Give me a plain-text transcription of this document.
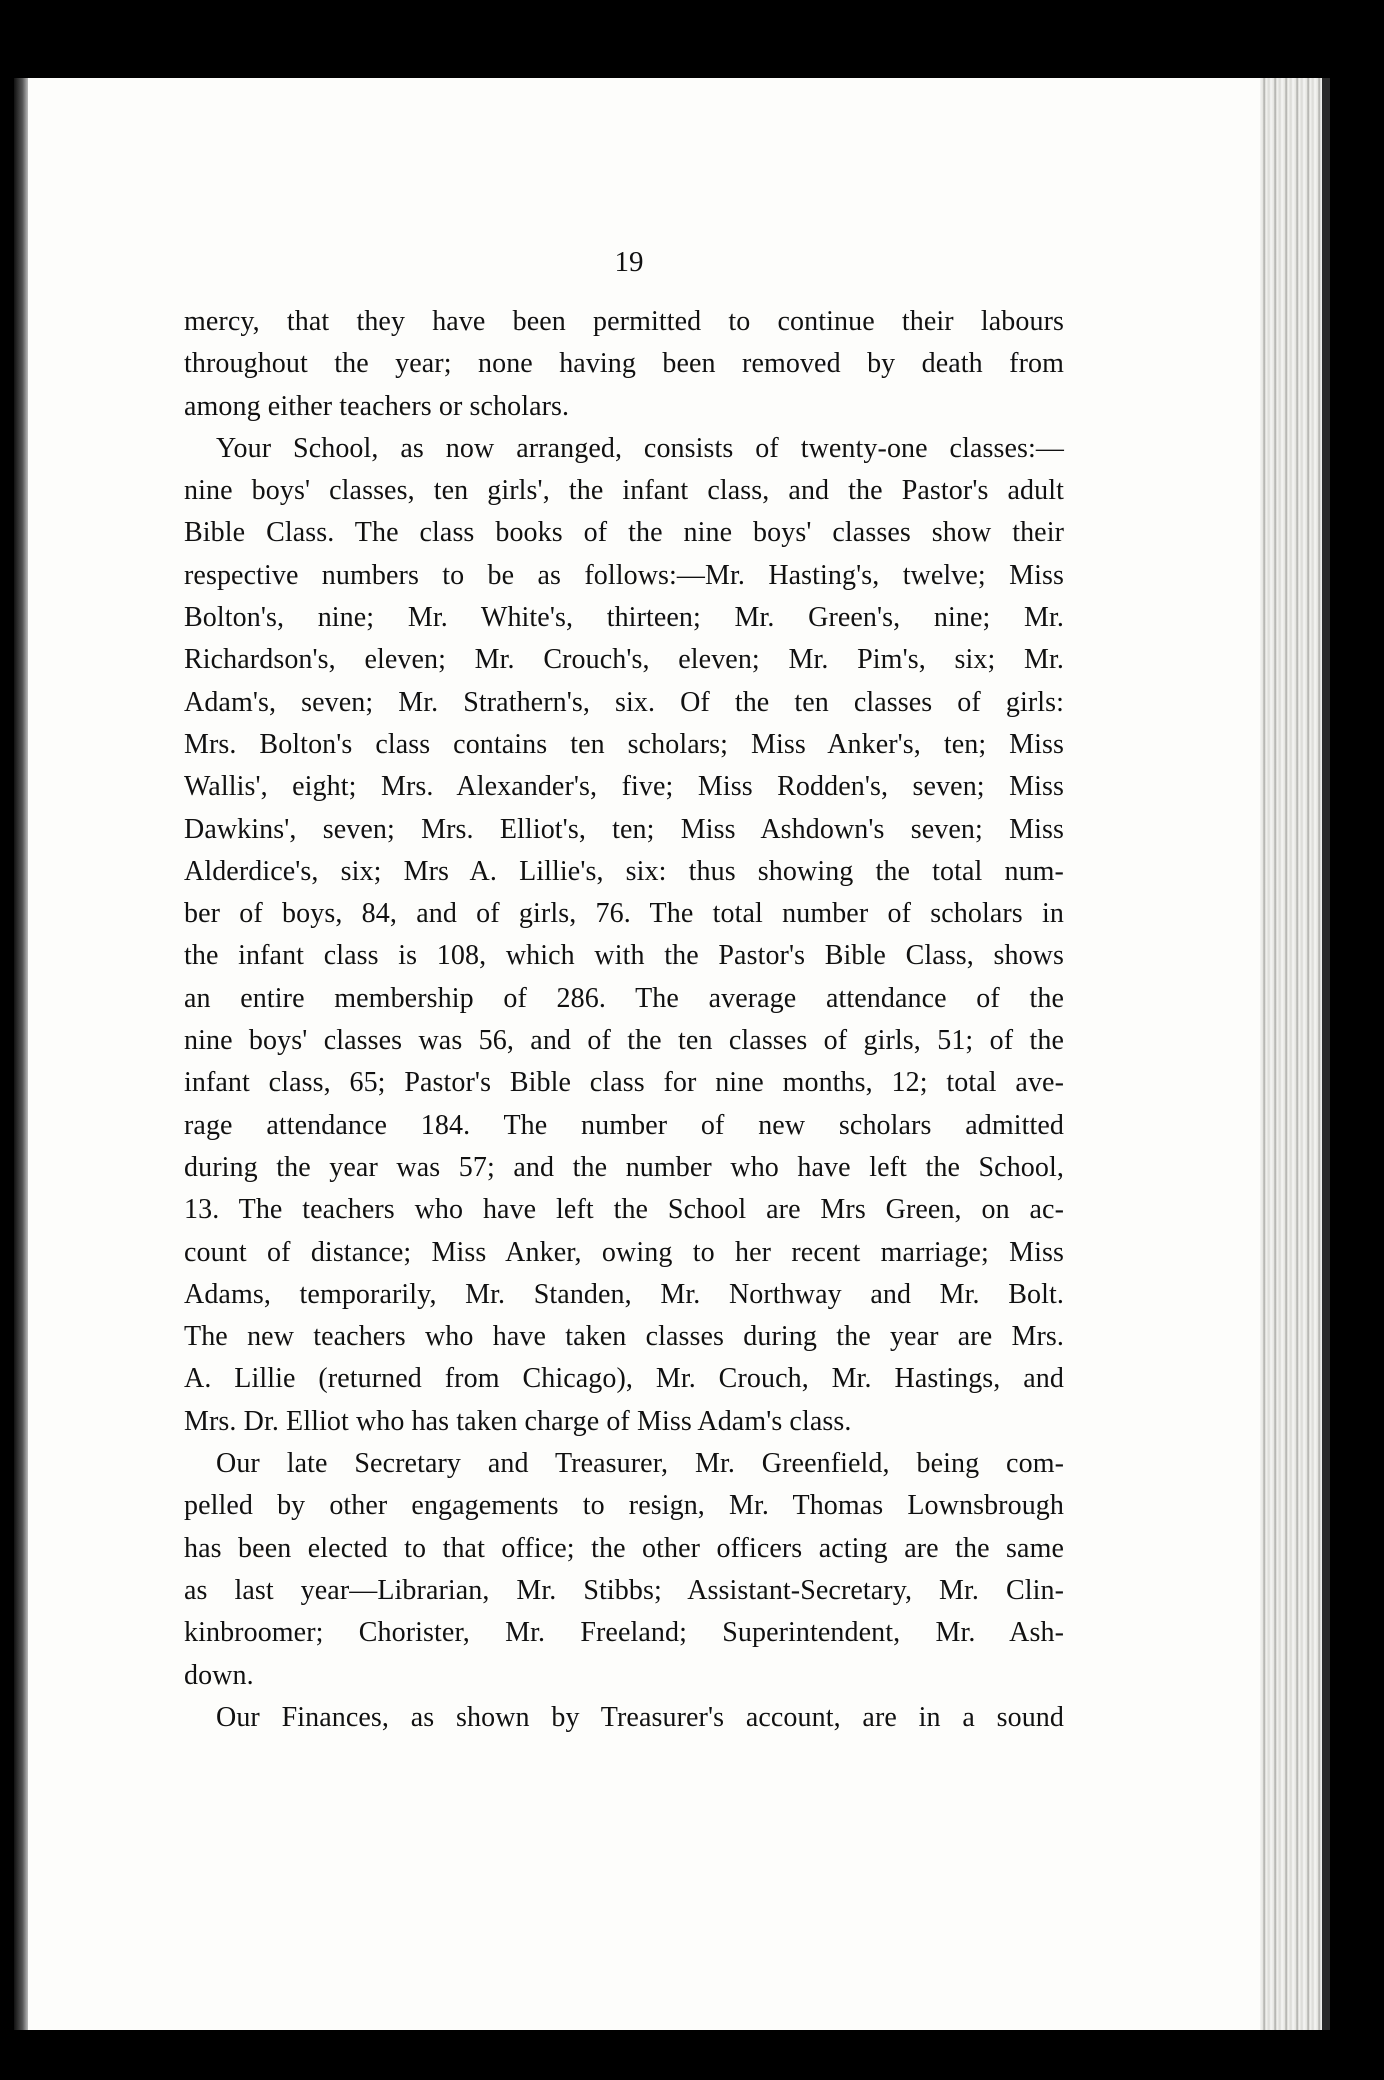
19
mercy, that they have been permitted to continue their labours
throughout the year; none having been removed by death from
among either teachers or scholars.
Your School, as now arranged, consists of twenty-one classes:—
nine boys' classes, ten girls', the infant class, and the Pastor's adult
Bible Class. The class books of the nine boys' classes show their
respective numbers to be as follows:—Mr. Hasting's, twelve; Miss
Bolton's, nine; Mr. White's, thirteen; Mr. Green's, nine; Mr.
Richardson's, eleven; Mr. Crouch's, eleven; Mr. Pim's, six; Mr.
Adam's, seven; Mr. Strathern's, six. Of the ten classes of girls:
Mrs. Bolton's class contains ten scholars; Miss Anker's, ten; Miss
Wallis', eight; Mrs. Alexander's, five; Miss Rodden's, seven; Miss
Dawkins', seven; Mrs. Elliot's, ten; Miss Ashdown's seven; Miss
Alderdice's, six; Mrs A. Lillie's, six: thus showing the total num-
ber of boys, 84, and of girls, 76. The total number of scholars in
the infant class is 108, which with the Pastor's Bible Class, shows
an entire membership of 286. The average attendance of the
nine boys' classes was 56, and of the ten classes of girls, 51; of the
infant class, 65; Pastor's Bible class for nine months, 12; total ave-
rage attendance 184. The number of new scholars admitted
during the year was 57; and the number who have left the School,
13. The teachers who have left the School are Mrs Green, on ac-
count of distance; Miss Anker, owing to her recent marriage; Miss
Adams, temporarily, Mr. Standen, Mr. Northway and Mr. Bolt.
The new teachers who have taken classes during the year are Mrs.
A. Lillie (returned from Chicago), Mr. Crouch, Mr. Hastings, and
Mrs. Dr. Elliot who has taken charge of Miss Adam's class.
Our late Secretary and Treasurer, Mr. Greenfield, being com-
pelled by other engagements to resign, Mr. Thomas Lownsbrough
has been elected to that office; the other officers acting are the same
as last year—Librarian, Mr. Stibbs; Assistant-Secretary, Mr. Clin-
kinbroomer; Chorister, Mr. Freeland; Superintendent, Mr. Ash-
down.
Our Finances, as shown by Treasurer's account, are in a sound
